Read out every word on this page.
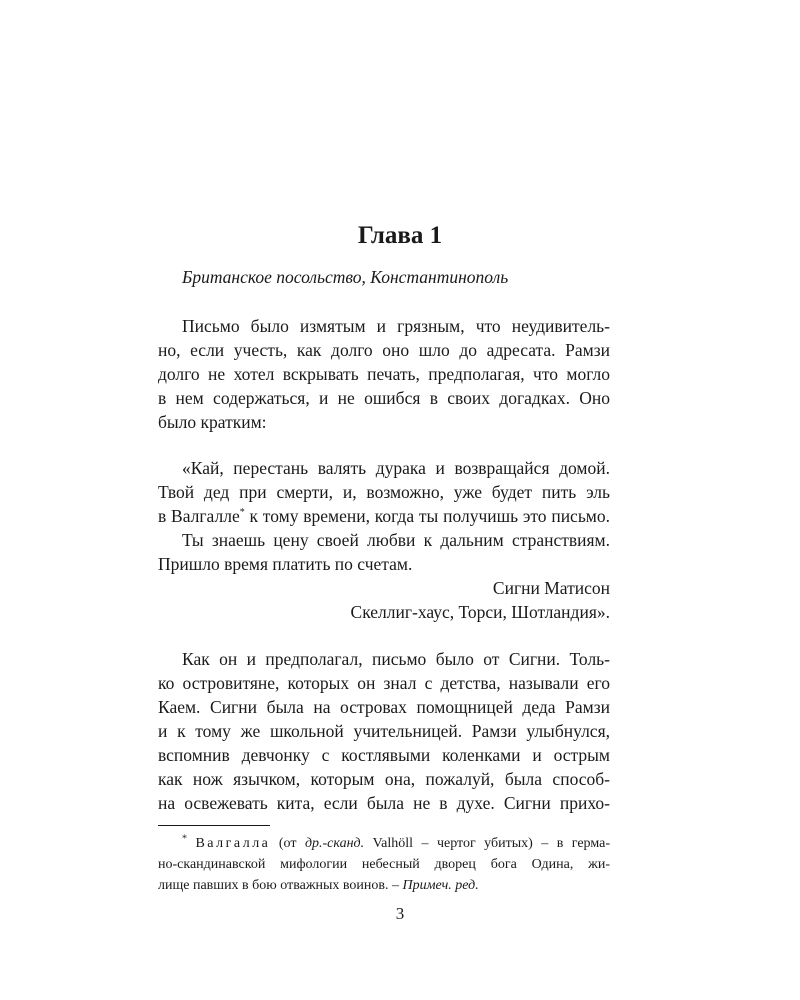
Глава 1
Британское посольство, Константинополь
Письмо было измятым и грязным, что неудивитель-
но, если учесть, как долго оно шло до адресата. Рамзи
долго не хотел вскрывать печать, предполагая, что могло
в нем содержаться, и не ошибся в своих догадках. Оно
было кратким:
«Кай, перестань валять дурака и возвращайся домой.
Твой дед при смерти, и, возможно, уже будет пить эль
в Валгалле* к тому времени, когда ты получишь это письмо.
Ты знаешь цену своей любви к дальним странствиям.
Пришло время платить по счетам.
Сигни Матисон
Скеллиг-хаус, Торси, Шотландия».
Как он и предполагал, письмо было от Сигни. Толь-
ко островитяне, которых он знал с детства, называли его
Каем. Сигни была на островах помощницей деда Рамзи
и к тому же школьной учительницей. Рамзи улыбнулся,
вспомнив девчонку с костлявыми коленками и острым
как нож язычком, которым она, пожалуй, была способ-
на освежевать кита, если была не в духе. Сигни прихо-
* Валгалла (от др.-сканд. Valhöll – чертог убитых) – в герма-
но-скандинавской мифологии небесный дворец бога Одина, жи-
лище павших в бою отважных воинов. – Примеч. ред.
3
